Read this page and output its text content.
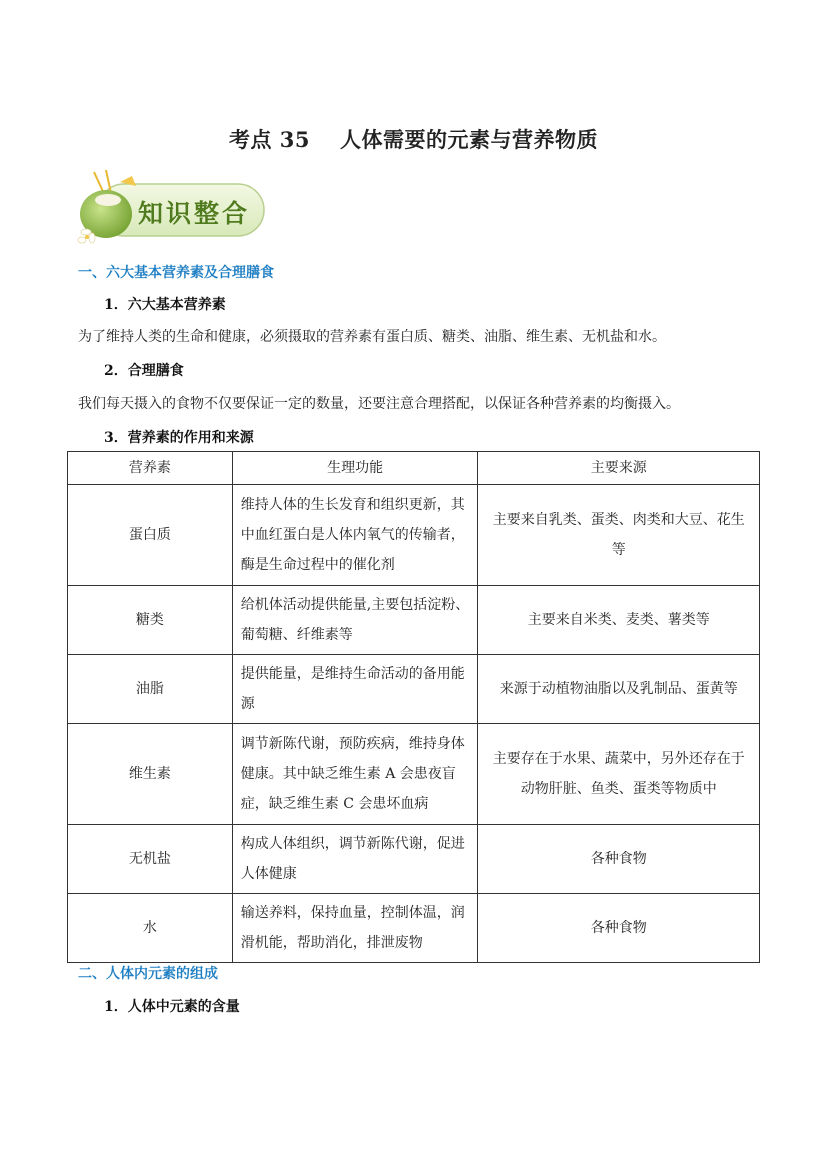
考点 35 人体需要的元素与营养物质
知识整合
一、六大基本营养素及合理膳食
1．六大基本营养素
为了维持人类的生命和健康，必须摄取的营养素有蛋白质、糖类、油脂、维生素、无机盐和水。
2．合理膳食
我们每天摄入的食物不仅要保证一定的数量，还要注意合理搭配，以保证各种营养素的均衡摄入。
3．营养素的作用和来源
营养素	生理功能	主要来源
蛋白质	维持人体的生长发育和组织更新，其中血红蛋白是人体内氧气的传输者，酶是生命过程中的催化剂	主要来自乳类、蛋类、肉类和大豆、花生等
糖类	给机体活动提供能量,主要包括淀粉、葡萄糖、纤维素等	主要来自米类、麦类、薯类等
油脂	提供能量，是维持生命活动的备用能源	来源于动植物油脂以及乳制品、蛋黄等
维生素	调节新陈代谢，预防疾病，维持身体健康。其中缺乏维生素 A 会患夜盲症，缺乏维生素 C 会患坏血病	主要存在于水果、蔬菜中，另外还存在于动物肝脏、鱼类、蛋类等物质中
无机盐	构成人体组织，调节新陈代谢，促进人体健康	各种食物
水	输送养料，保持血量，控制体温，润滑机能，帮助消化，排泄废物	各种食物
二、人体内元素的组成
1．人体中元素的含量
